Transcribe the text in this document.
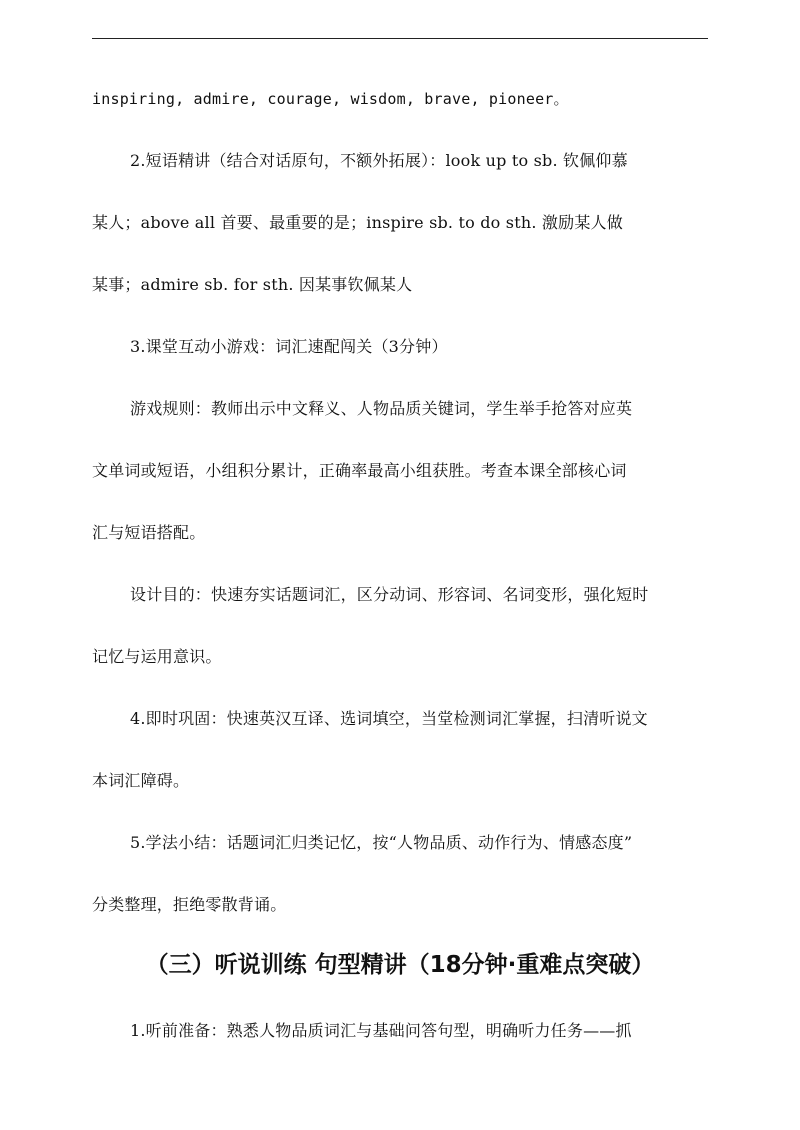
inspiring, admire, courage, wisdom, brave, pioneer。
2.短语精讲（结合对话原句，不额外拓展）：look up to sb. 钦佩仰慕
某人；above all 首要、最重要的是；inspire sb. to do sth. 激励某人做
某事；admire sb. for sth. 因某事钦佩某人
3.课堂互动小游戏：词汇速配闯关（3分钟）
游戏规则：教师出示中文释义、人物品质关键词，学生举手抢答对应英
文单词或短语，小组积分累计，正确率最高小组获胜。考查本课全部核心词
汇与短语搭配。
设计目的：快速夯实话题词汇，区分动词、形容词、名词变形，强化短时
记忆与运用意识。
4.即时巩固：快速英汉互译、选词填空，当堂检测词汇掌握，扫清听说文
本词汇障碍。
5.学法小结：话题词汇归类记忆，按“人物品质、动作行为、情感态度”
分类整理，拒绝零散背诵。
（三）听说训练 句型精讲（18分钟·重难点突破）
1.听前准备：熟悉人物品质词汇与基础问答句型，明确听力任务——抓
